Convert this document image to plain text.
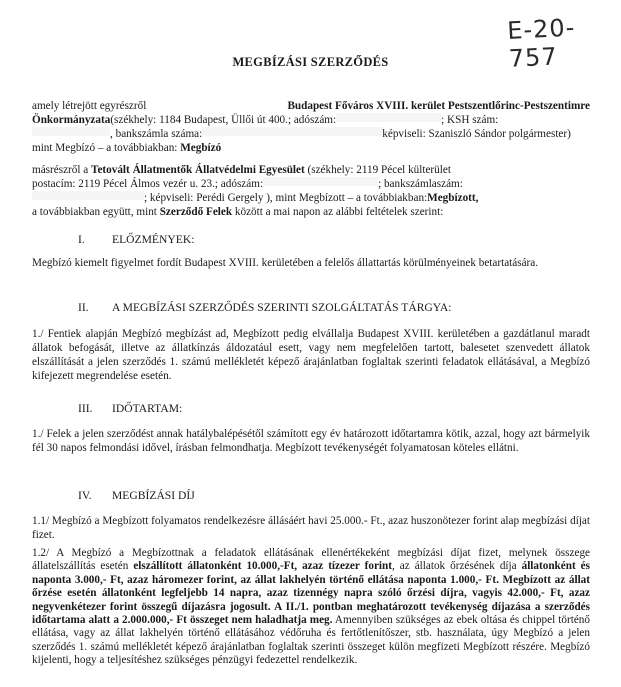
E-20-757
MEGBÍZÁSI SZERZŐDÉS
amely létrejött egyrészről	Budapest Főváros XVIII. kerület Pestszentlőrinc-Pestszentimre
Önkormányzata (székhely: 1184 Budapest, Üllői út 400.; adószám:	; KSH szám:
, bankszámla száma:	képviseli: Szaniszló Sándor polgármester)
mint Megbízó – a továbbiakban: Megbízó
másrészről a Tetovált Állatmentők Állatvédelmi Egyesület (székhely: 2119 Pécel külterület
postacím: 2119 Pécel Álmos vezér u. 23.; adószám:	; bankszámlaszám:
; képviseli: Perédi Gergely ), mint Megbízott – a továbbiakban: Megbízott,
a továbbiakban együtt, mint Szerződő Felek között a mai napon az alábbi feltételek szerint:
I. ELŐZMÉNYEK:
Megbízó kiemelt figyelmet fordít Budapest XVIII. kerületében a felelős állattartás körülményeinek betartatására.
II. A MEGBÍZÁSI SZERZŐDÉS SZERINTI SZOLGÁLTATÁS TÁRGYA:
1./ Fentiek alapján Megbízó megbízást ad, Megbízott pedig elvállalja Budapest XVIII. kerületében a gazdátlanul maradt állatok befogását, illetve az állatkínzás áldozatául esett, vagy nem megfelelően tartott, balesetet szenvedett állatok elszállítását a jelen szerződés 1. számú mellékletét képező árajánlatban foglaltak szerinti feladatok ellátásával, a Megbízó kifejezett megrendelése esetén.
III. IDŐTARTAM:
1./ Felek a jelen szerződést annak hatálybalépésétől számított egy év határozott időtartamra kötik, azzal, hogy azt bármelyik fél 30 napos felmondási idővel, írásban felmondhatja. Megbízott tevékenységét folyamatosan köteles ellátni.
IV. MEGBÍZÁSI DÍJ
1.1/ Megbízó a Megbízott folyamatos rendelkezésre állásáért havi 25.000.- Ft., azaz huszonötezer forint alap megbízási díjat fizet.
1.2/ A Megbízó a Megbízottnak a feladatok ellátásának ellenértékeként megbízási díjat fizet, melynek összege állatelszállítás esetén elszállított állatonként 10.000,-Ft, azaz tízezer forint, az állatok őrzésének díja állatonként és naponta 3.000,- Ft, azaz háromezer forint, az állat lakhelyén történő ellátása naponta 1.000,- Ft. Megbízott az állat őrzése esetén állatonként legfeljebb 14 napra, azaz tizennégy napra szóló őrzési díjra, vagyis 42.000,- Ft, azaz negyvenkétezer forint összegű díjazásra jogosult. A II./1. pontban meghatározott tevékenység díjazása a szerződés időtartama alatt a 2.000.000,- Ft összeget nem haladhatja meg. Amennyiben szükséges az ebek oltása és chippel történő ellátása, vagy az állat lakhelyén történő ellátásához védőruha és fertőtlenítőszer, stb. használata, úgy Megbízó a jelen szerződés 1. számú mellékletét képező árajánlatban foglaltak szerinti összeget külön megfizeti Megbízott részére. Megbízó kijelenti, hogy a teljesítéshez szükséges pénzügyi fedezettel rendelkezik.
